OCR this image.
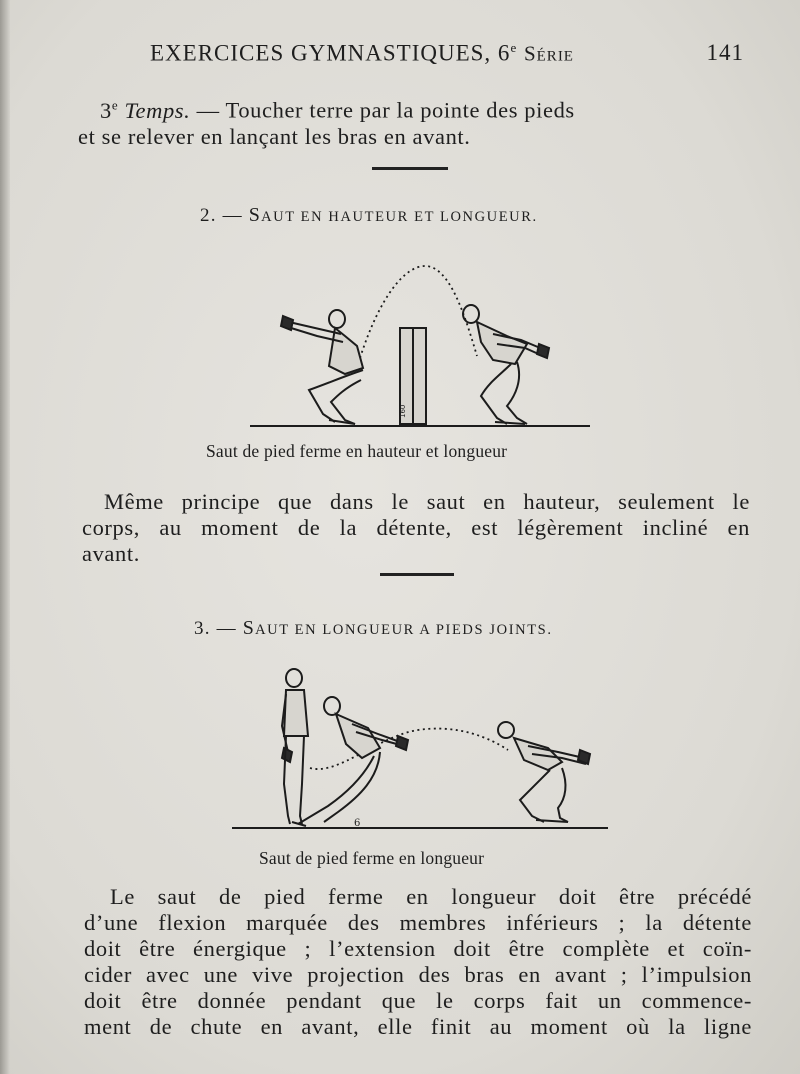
EXERCICES GYMNASTIQUES, 6e Série	141
3e Temps. — Toucher terre par la pointe des pieds
et se relever en lançant les bras en avant.
2. — SAUT EN HAUTEUR ET LONGUEUR.
160
Saut de pied ferme en hauteur et longueur
Même principe que dans le saut en hauteur, seulement le
corps, au moment de la détente, est légèrement incliné en
avant.
3. — SAUT EN LONGUEUR A PIEDS JOINTS.
6
Saut de pied ferme en longueur
Le saut de pied ferme en longueur doit être précédé
d’une flexion marquée des membres inférieurs ; la détente
doit être énergique ; l’extension doit être complète et coïn-
cider avec une vive projection des bras en avant ; l’impulsion
doit être donnée pendant que le corps fait un commence-
ment de chute en avant, elle finit au moment où la ligne
